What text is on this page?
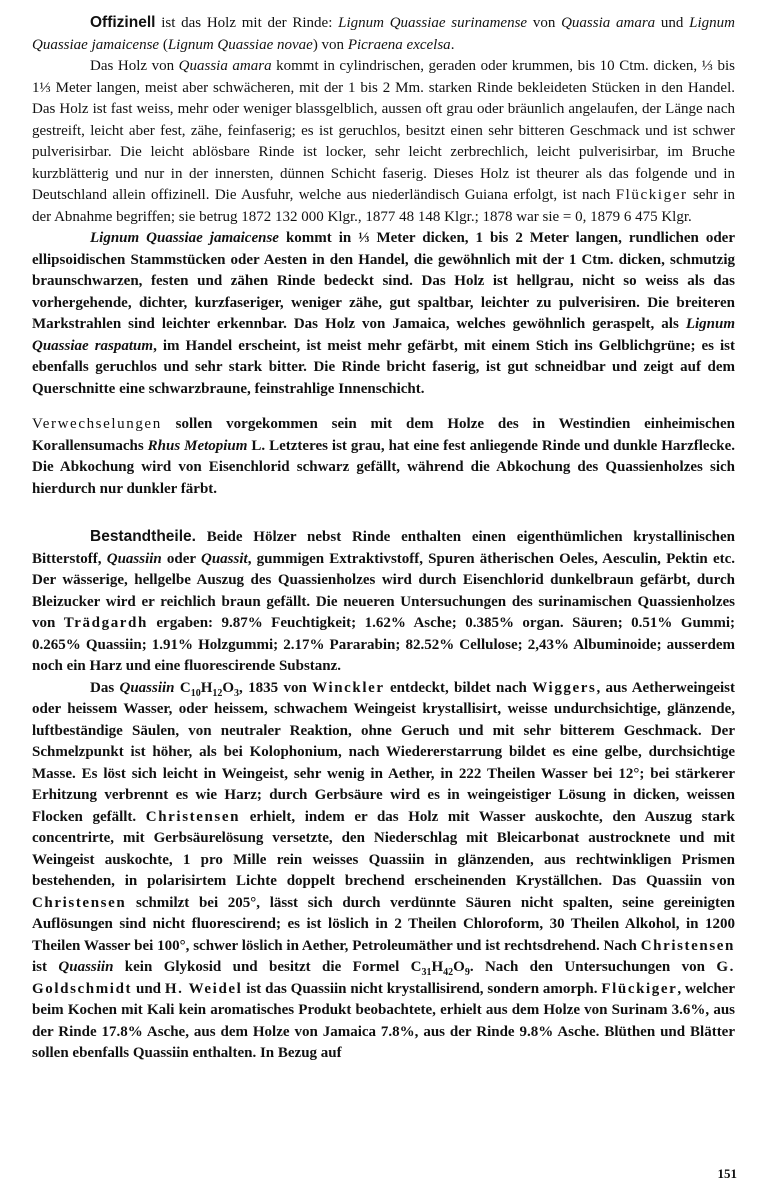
Offizinell ist das Holz mit der Rinde: Lignum Quassiae surinamense von Quassia amara und Lignum Quassiae jamaicense (Lignum Quassiae novae) von Picraena excelsa.

Das Holz von Quassia amara kommt in cylindrischen, geraden oder krummen, bis 10 Ctm. dicken, ⅓ bis 1⅓ Meter langen, meist aber schwächeren, mit der 1 bis 2 Mm. starken Rinde bekleideten Stücken in den Handel. Das Holz ist fast weiss, mehr oder weniger blassgelblich, aussen oft grau oder bräunlich angelaufen, der Länge nach gestreift, leicht aber fest, zähe, feinfaserig; es ist geruchlos, besitzt einen sehr bitteren Geschmack und ist schwer pulverisirbar. Die leicht ablösbare Rinde ist locker, sehr leicht zerbrechlich, leicht pulverisirbar, im Bruche kurzblätterig und nur in der innersten, dünnen Schicht faserig. Dieses Holz ist theurer als das folgende und in Deutschland allein offizinell. Die Ausfuhr, welche aus niederländisch Guiana erfolgt, ist nach Flückiger sehr in der Abnahme begriffen; sie betrug 1872 132 000 Klgr., 1877 48 148 Klgr.; 1878 war sie = 0, 1879 6 475 Klgr.

Lignum Quassiae jamaicense kommt in ⅓ Meter dicken, 1 bis 2 Meter langen, rundlichen oder ellipsoidischen Stammstücken oder Aesten in den Handel, die gewöhnlich mit der 1 Ctm. dicken, schmutzig braunschwarzen, festen und zähen Rinde bedeckt sind. Das Holz ist hellgrau, nicht so weiss als das vorhergehende, dichter, kurzfaseriger, weniger zähe, gut spaltbar, leichter zu pulverisiren. Die breiteren Markstrahlen sind leichter erkennbar. Das Holz von Jamaica, welches gewöhnlich geraspelt, als Lignum Quassiae raspatum, im Handel erscheint, ist meist mehr gefärbt, mit einem Stich ins Gelblichgrüne; es ist ebenfalls geruchlos und sehr stark bitter. Die Rinde bricht faserig, ist gut schneidbar und zeigt auf dem Querschnitte eine schwarzbraune, feinstrahlige Innenschicht.

Verwechselungen sollen vorgekommen sein mit dem Holze des in Westindien einheimischen Korallensumachs Rhus Metopium L. Letzteres ist grau, hat eine fest anliegende Rinde und dunkle Harzflecke. Die Abkochung wird von Eisenchlorid schwarz gefällt, während die Abkochung des Quassienholzes sich hierdurch nur dunkler färbt.

Bestandtheile. Beide Hölzer nebst Rinde enthalten einen eigenthümlichen krystallinischen Bitterstoff, Quassiin oder Quassit, gummigen Extraktivstoff, Spuren ätherischen Oeles, Aesculin, Pektin etc. Der wässerige, hellgelbe Auszug des Quassienholzes wird durch Eisenchlorid dunkelbraun gefärbt, durch Bleizucker wird er reichlich braun gefällt. Die neueren Untersuchungen des surinamischen Quassienholzes von Trädgardh ergaben: 9.87% Feuchtigkeit; 1.62% Asche; 0.385% organ. Säuren; 0.51% Gummi; 0.265% Quassiin; 1.91% Holzgummi; 2.17% Pararabin; 82.52% Cellulose; 2,43% Albuminoide; ausserdem noch ein Harz und eine fluorescirende Substanz.

Das Quassiin $C_{10}H_{12}O_3$, 1835 von Winckler entdeckt, bildet nach Wiggers, aus Aetherweingeist oder heissem Wasser, oder heissem, schwachem Weingeist krystallisirt, weisse undurchsichtige, glänzende, luftbeständige Säulen, von neutraler Reaktion, ohne Geruch und mit sehr bitterem Geschmack. Der Schmelzpunkt ist höher, als bei Kolophonium, nach Wiedererstarrung bildet es eine gelbe, durchsichtige Masse. Es löst sich leicht in Weingeist, sehr wenig in Aether, in 222 Theilen Wasser bei 12°; bei stärkerer Erhitzung verbrennt es wie Harz; durch Gerbsäure wird es in weingeistiger Lösung in dicken, weissen Flocken gefällt. Christensen erhielt, indem er das Holz mit Wasser auskochte, den Auszug stark concentrirte, mit Gerbsäurelösung versetzte, den Niederschlag mit Bleicarbonat austrocknete und mit Weingeist auskochte, 1 pro Mille rein weisses Quassiin in glänzenden, aus rechtwinkligen Prismen bestehenden, in polarisirtem Lichte doppelt brechend erscheinenden Kryställchen. Das Quassiin von Christensen schmilzt bei 205°, lässt sich durch verdünnte Säuren nicht spalten, seine gereinigten Auflösungen sind nicht fluorescirend; es ist löslich in 2 Theilen Chloroform, 30 Theilen Alkohol, in 1200 Theilen Wasser bei 100°, schwer löslich in Aether, Petroleumäther und ist rechtsdrehend. Nach Christensen ist Quassiin kein Glykosid und besitzt die Formel $C_{31}H_{42}O_9$. Nach den Untersuchungen von G. Goldschmidt und H. Weidel ist das Quassiin nicht krystallisirend, sondern amorph. Flückiger, welcher beim Kochen mit Kali kein aromatisches Produkt beobachtete, erhielt aus dem Holze von Surinam 3.6%, aus der Rinde 17.8% Asche, aus dem Holze von Jamaica 7.8%, aus der Rinde 9.8% Asche. Blüthen und Blätter sollen ebenfalls Quassiin enthalten. In Bezug auf

151
